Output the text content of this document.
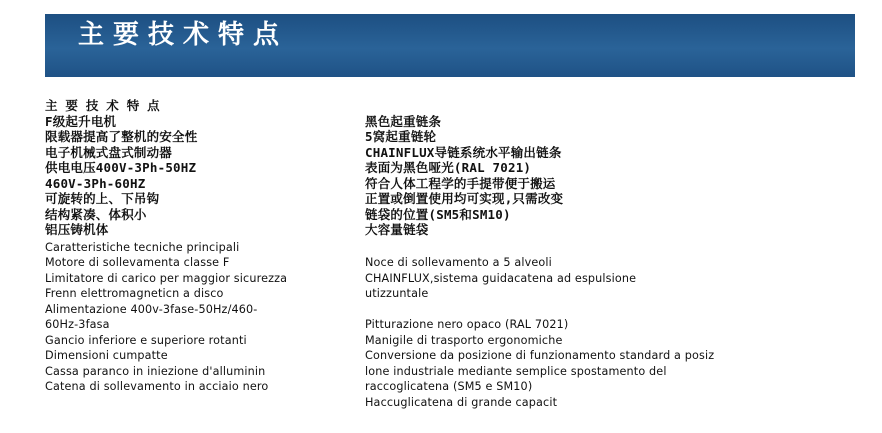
主要技术特点
主 要 技 术 特 点
F级起升电机
限载器提高了整机的安全性
电子机械式盘式制动器
供电电压400V-3Ph-50HZ
460V-3Ph-60HZ
可旋转的上、下吊钩
结构紧凑、体积小
铝压铸机体
Caratteristiche tecniche principali
Motore di sollevamenta classe F
Limitatore di carico per maggior sicurezza
Frenn elettromagneticn a disco
Alimentazione 400v-3fase-50Hz/460-
60Hz-3fasa
Gancio inferiore e superiore rotanti
Dimensioni cumpatte
Cassa paranco in iniezione d'alluminin
Catena di sollevamento in acciaio nero

黑色起重链条
5窝起重链轮
CHAINFLUX导链系统水平输出链条
表面为黑色哑光(RAL 7021)
符合人体工程学的手提带便于搬运
正置或倒置使用均可实现,只需改变
链袋的位置(SM5和SM10)
大容量链袋

Noce di sollevamento a 5 alveoli
CHAINFLUX,sistema guidacatena ad espulsione
utizzuntale
Pitturazione nero opaco (RAL 7021)
Manigile di trasporto ergonomiche
Conversione da posizione di funzionamento standard a posiz
lone industriale mediante semplice spostamento del
raccoglicatena (SM5 e SM10)
Haccuglicatena di grande capacit
